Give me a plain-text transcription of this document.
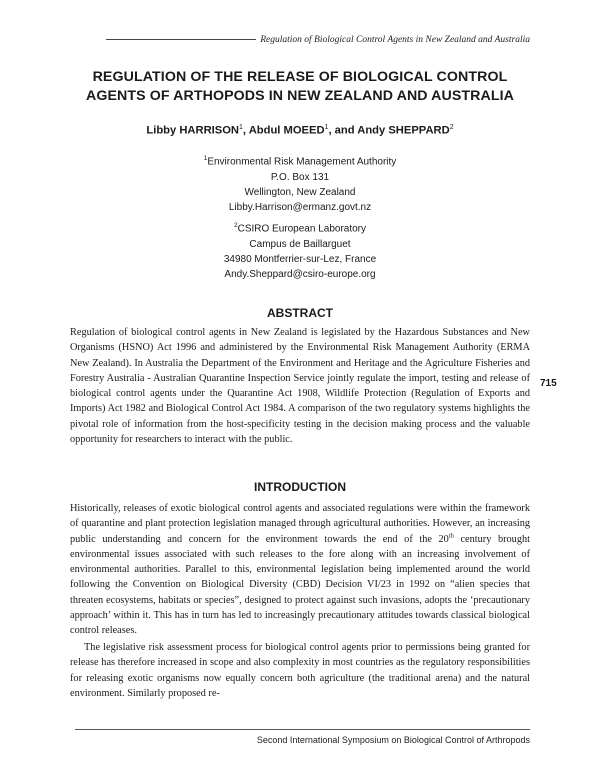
Regulation of Biological Control Agents in New Zealand and Australia
REGULATION OF THE RELEASE OF BIOLOGICAL CONTROL
AGENTS OF ARTHOPODS IN NEW ZEALAND AND AUSTRALIA

Libby HARRISON$^1$, Abdul MOEED$^1$, and Andy SHEPPARD$^2$

$^1$Environmental Risk Management Authority
P.O. Box 131
Wellington, New Zealand
Libby.Harrison@ermanz.govt.nz
$^2$CSIRO European Laboratory
Campus de Baillarguet
34980 Montferrier-sur-Lez, France
Andy.Sheppard@csiro-europe.org
ABSTRACT

Regulation of biological control agents in New Zealand is legislated by the Hazardous Substances and New Organisms (HSNO) Act 1996 and administered by the Environmental Risk Management Authority (ERMA New Zealand). In Australia the Department of the Environment and Heritage and the Agriculture Fisheries and Forestry Australia - Australian Quarantine Inspection Service jointly regulate the import, testing and release of biological control agents under the Quarantine Act 1908, Wildlife Protection (Regulation of Exports and Imports) Act 1982 and Biological Control Act 1984. A comparison of the two regulatory systems highlights the pivotal role of information from the host-specificity testing in the decision making process and the valuable opportunity for researchers to interact with the public.

715
INTRODUCTION

Historically, releases of exotic biological control agents and associated regulations were within the framework of quarantine and plant protection legislation managed through agricultural authorities. However, an increasing public understanding and concern for the environment towards the end of the 20th century brought environmental issues associated with such releases to the fore along with an increasing involvement of environmental authorities. Parallel to this, environmental legislation being implemented around the world following the Convention on Biological Diversity (CBD) Decision VI/23 in 1992 on “alien species that threaten ecosystems, habitats or species”, designed to protect against such invasions, adopts the ‘precautionary approach’ within it. This has in turn has led to increasingly precautionary attitudes towards classical biological control releases.

The legislative risk assessment process for biological control agents prior to permissions being granted for release has therefore increased in scope and also complexity in most countries as the regulatory responsibilities for releasing exotic organisms now equally concern both agriculture (the traditional arena) and the natural environment. Similarly proposed re-

Second International Symposium on Biological Control of Arthropods
